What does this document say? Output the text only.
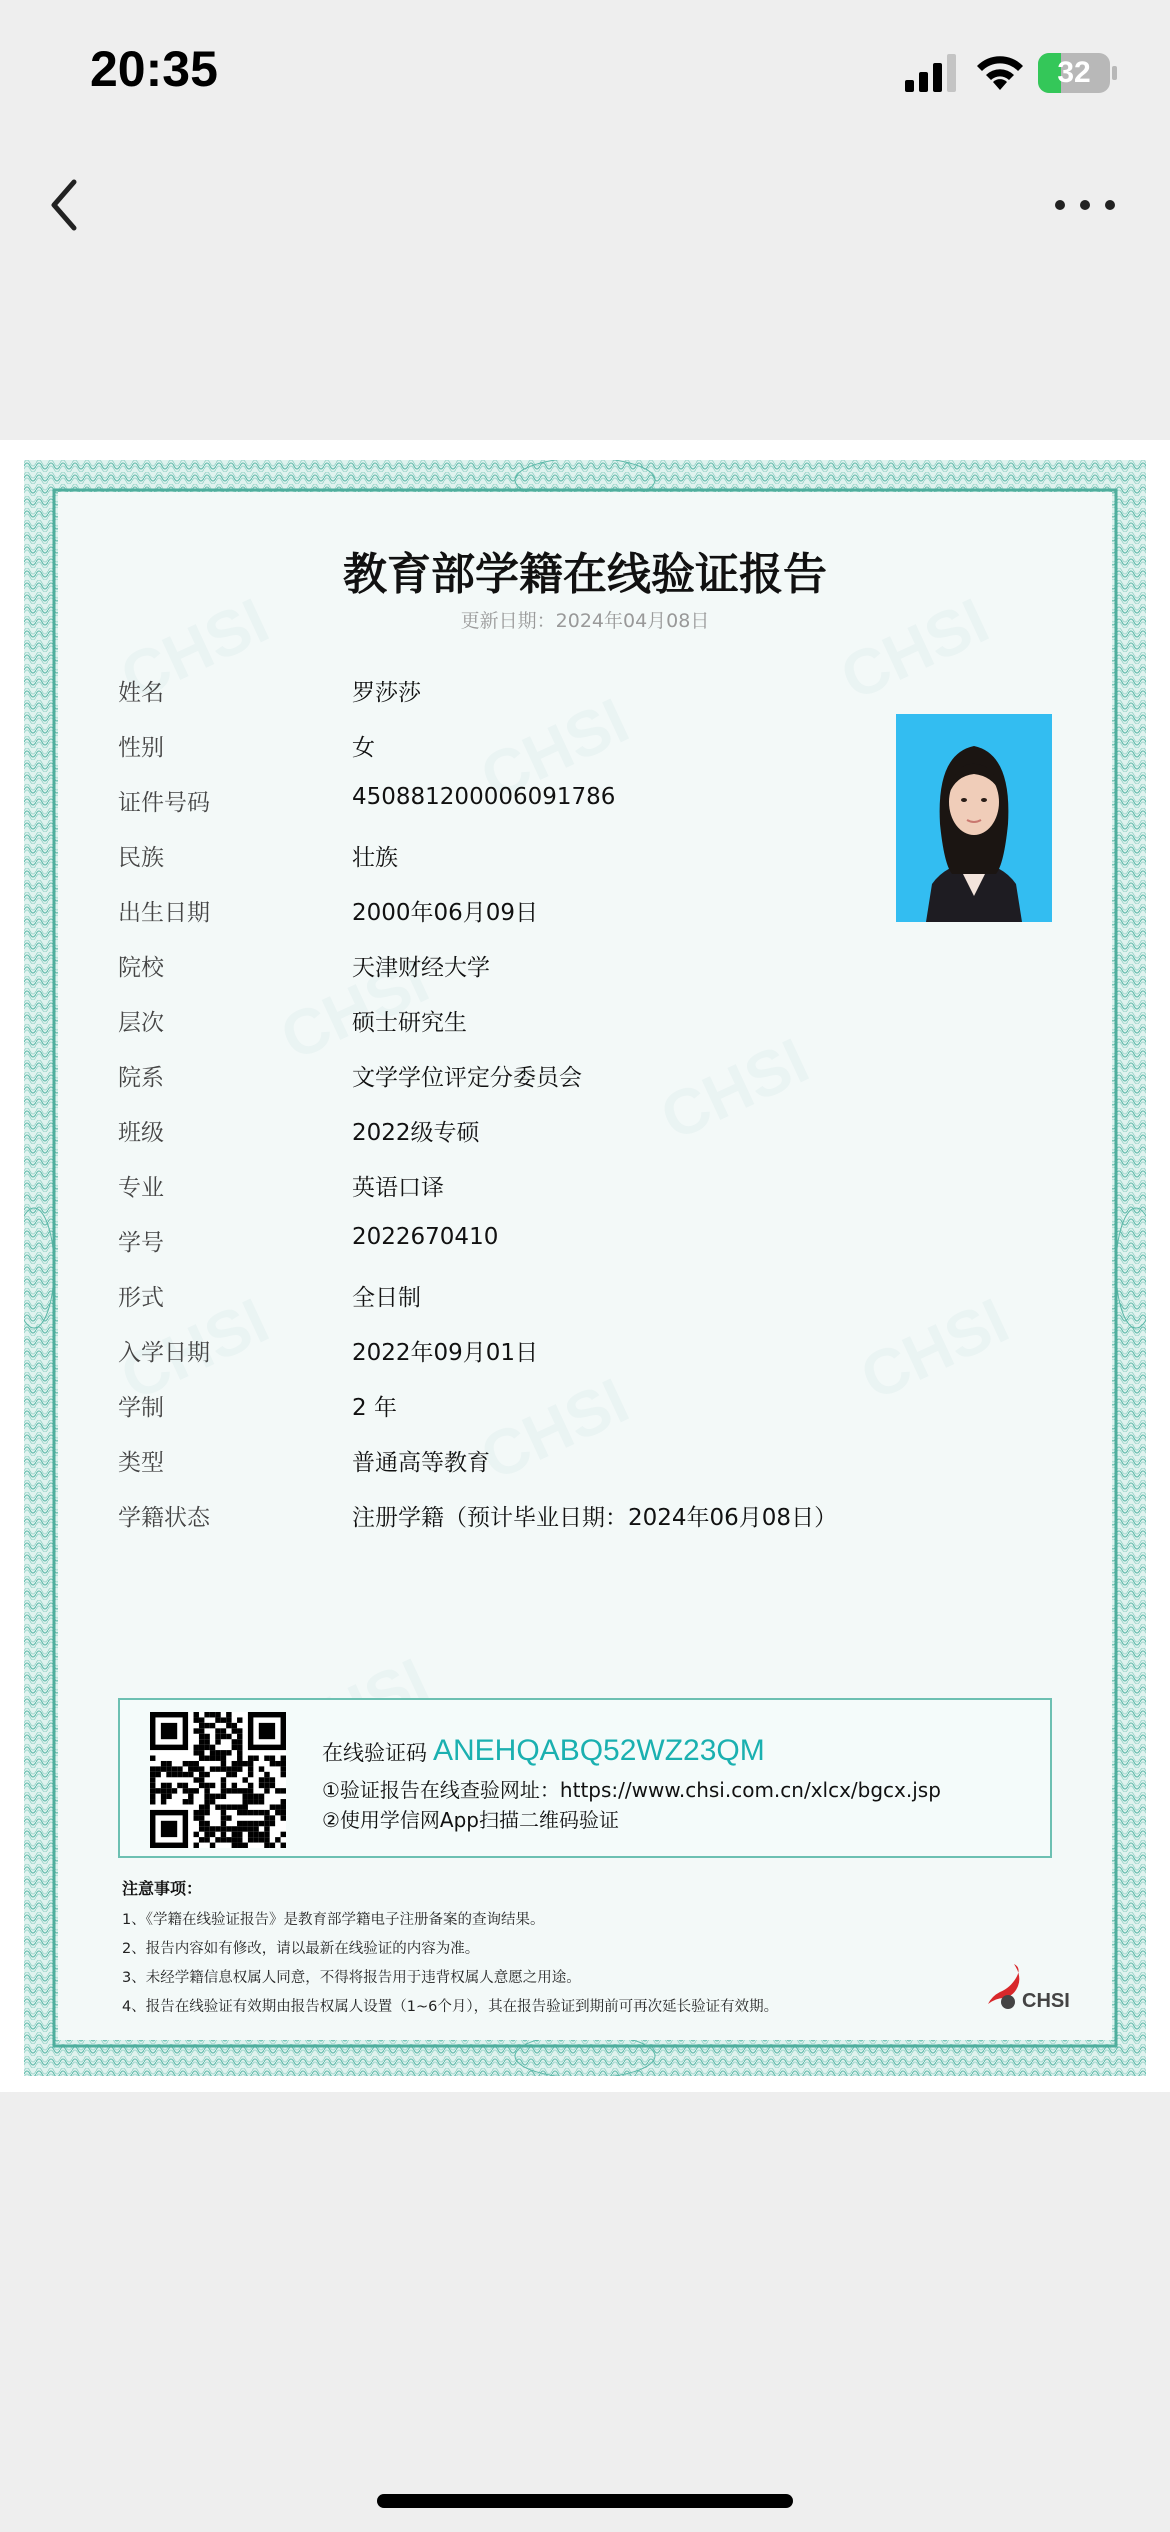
20:35	32
教育部学籍在线验证报告
更新日期：2024年04月08日
姓名	罗莎莎
性别	女
证件号码	450881200006091786
民族	壮族
出生日期	2000年06月09日
院校	天津财经大学
层次	硕士研究生
院系	文学学位评定分委员会
班级	2022级专硕
专业	英语口译
学号	2022670410
形式	全日制
入学日期	2022年09月01日
学制	2 年
类型	普通高等教育
学籍状态	注册学籍（预计毕业日期：2024年06月08日）
在线验证码 ANEHQABQ52WZ23QM
①验证报告在线查验网址：https://www.chsi.com.cn/xlcx/bgcx.jsp
②使用学信网App扫描二维码验证
注意事项：
1、《学籍在线验证报告》是教育部学籍电子注册备案的查询结果。
2、报告内容如有修改，请以最新在线验证的内容为准。
3、未经学籍信息权属人同意，不得将报告用于违背权属人意愿之用途。
4、报告在线验证有效期由报告权属人设置（1~6个月），其在报告验证到期前可再次延长验证有效期。	CHSI
